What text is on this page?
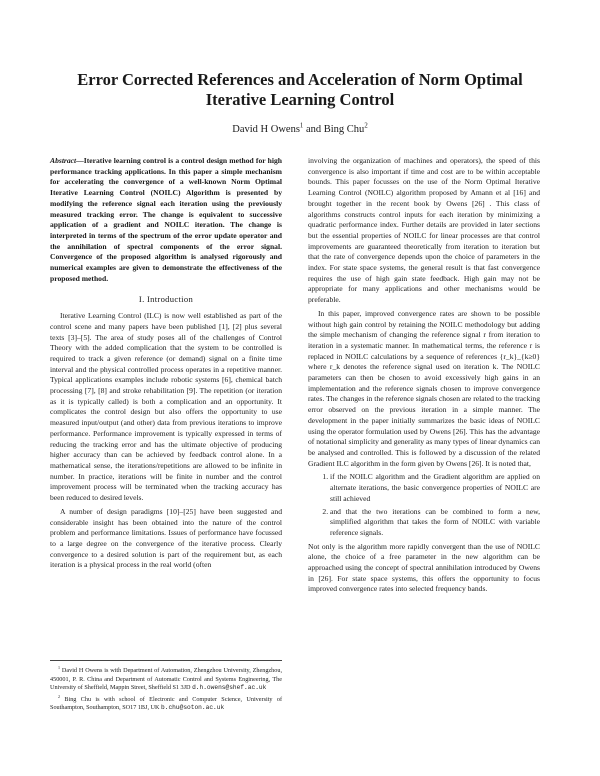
Error Corrected References and Acceleration of Norm Optimal Iterative Learning Control
David H Owens$^1$ and Bing Chu$^2$

Abstract—Iterative learning control is a control design method for high performance tracking applications. In this paper a simple mechanism for accelerating the convergence of a well-known Norm Optimal Iterative Learning Control (NOILC) Algorithm is presented by modifying the reference signal each iteration using the previously measured tracking error. The change is equivalent to successive application of a gradient and NOILC iteration. The change is interpreted in terms of the spectrum of the error update operator and the annihilation of spectral components of the error signal. Convergence of the proposed algorithm is analysed rigorously and numerical examples are given to demonstrate the effectiveness of the proposed method.

I. Introduction

Iterative Learning Control (ILC) is now well established as part of the control scene and many papers have been published [1], [2] plus several texts [3]–[5]. The area of study poses all of the challenges of Control Theory with the added complication that the system to be controlled is required to track a given reference (or demand) signal on a finite time interval and the physical controlled process operates in a repetitive manner. Typical applications examples include robotic systems [6], chemical batch processing [7], [8] and stroke rehabilitation [9]. The repetition (or iteration as it is typically called) is both a complication and an opportunity. It complicates the control design but also offers the opportunity to use measured input/output (and other) data from previous iterations to improve performance. Performance improvement is typically expressed in terms of reducing the tracking error and has the ultimate objective of producing higher accuracy than can be achieved by feedback control alone. In a mathematical sense, the iterations/repetitions are allowed to be infinite in number. In practice, iterations will be finite in number and the control improvement process will be terminated when the tracking accuracy has been reduced to desired levels.

A number of design paradigms [10]–[25] have been suggested and considerable insight has been obtained into the nature of the control problem and performance limitations. Issues of performance have focussed to a large degree on the convergence of the iterative process. Clearly convergence to a desired solution is part of the requirement but, as each iteration is a physical process in the real world (often

$^1$ David H Owens is with Department of Automation, Zhengzhou University, Zhengzhou, 450001, P. R. China and Department of Automatic Control and Systems Engineering, The University of Sheffield, Mappin Street, Sheffield S1 3JD d.h.owens@shef.ac.uk

$^2$ Bing Chu is with school of Electronic and Computer Science, University of Southampton, Southampton, SO17 1BJ, UK b.chu@soton.ac.uk

involving the organization of machines and operators), the speed of this convergence is also important if time and cost are to be within acceptable bounds. This paper focusses on the use of the Norm Optimal Iterative Learning Control (NOILC) algorithm proposed by Amann et al [16] and brought together in the recent book by Owens [26] . This class of algorithms constructs control inputs for each iteration by minimizing a quadratic performance index. Further details are provided in later sections but the essential properties of NOILC for linear processes are that control improvements are guaranteed theoretically from iteration to iteration but that the rate of convergence depends upon the choice of parameters in the index. For state space systems, the general result is that fast convergence requires the use of high gain state feedback. High gain may not be appropriate for many applications and other mechanisms would be preferable.

In this paper, improved convergence rates are shown to be possible without high gain control by retaining the NOILC methodology but adding the simple mechanism of changing the reference signal r from iteration to iteration in a systematic manner. In mathematical terms, the reference r is replaced in NOILC calculations by a sequence of references {r_k}_{k≥0} where r_k denotes the reference signal used on iteration k. The NOILC parameters can then be chosen to avoid excessively high gains in an implementation and the reference signals chosen to improve convergence rates. The changes in the reference signals chosen are related to the tracking error observed on the previous iteration in a simple manner. The development in the paper initially summarizes the basic ideas of NOILC using the operator formulation used by Owens [26]. This has the advantage of notational simplicity and generality as many types of linear dynamics can be analysed and controlled. This is followed by a discussion of the related Gradient ILC algorithm in the form given by Owens [26]. It is noted that,

1. if the NOILC algorithm and the Gradient algorithm are applied on alternate iterations, the basic convergence properties of NOILC are still achieved
2. and that the two iterations can be combined to form a new, simplified algorithm that takes the form of NOILC with variable reference signals.

Not only is the algorithm more rapidly convergent than the use of NOILC alone, the choice of a free parameter in the new algorithm can be approached using the concept of spectral annihilation introduced by Owens in [26]. For state space systems, this offers the opportunity to focus improved convergence rates into selected frequency bands.
